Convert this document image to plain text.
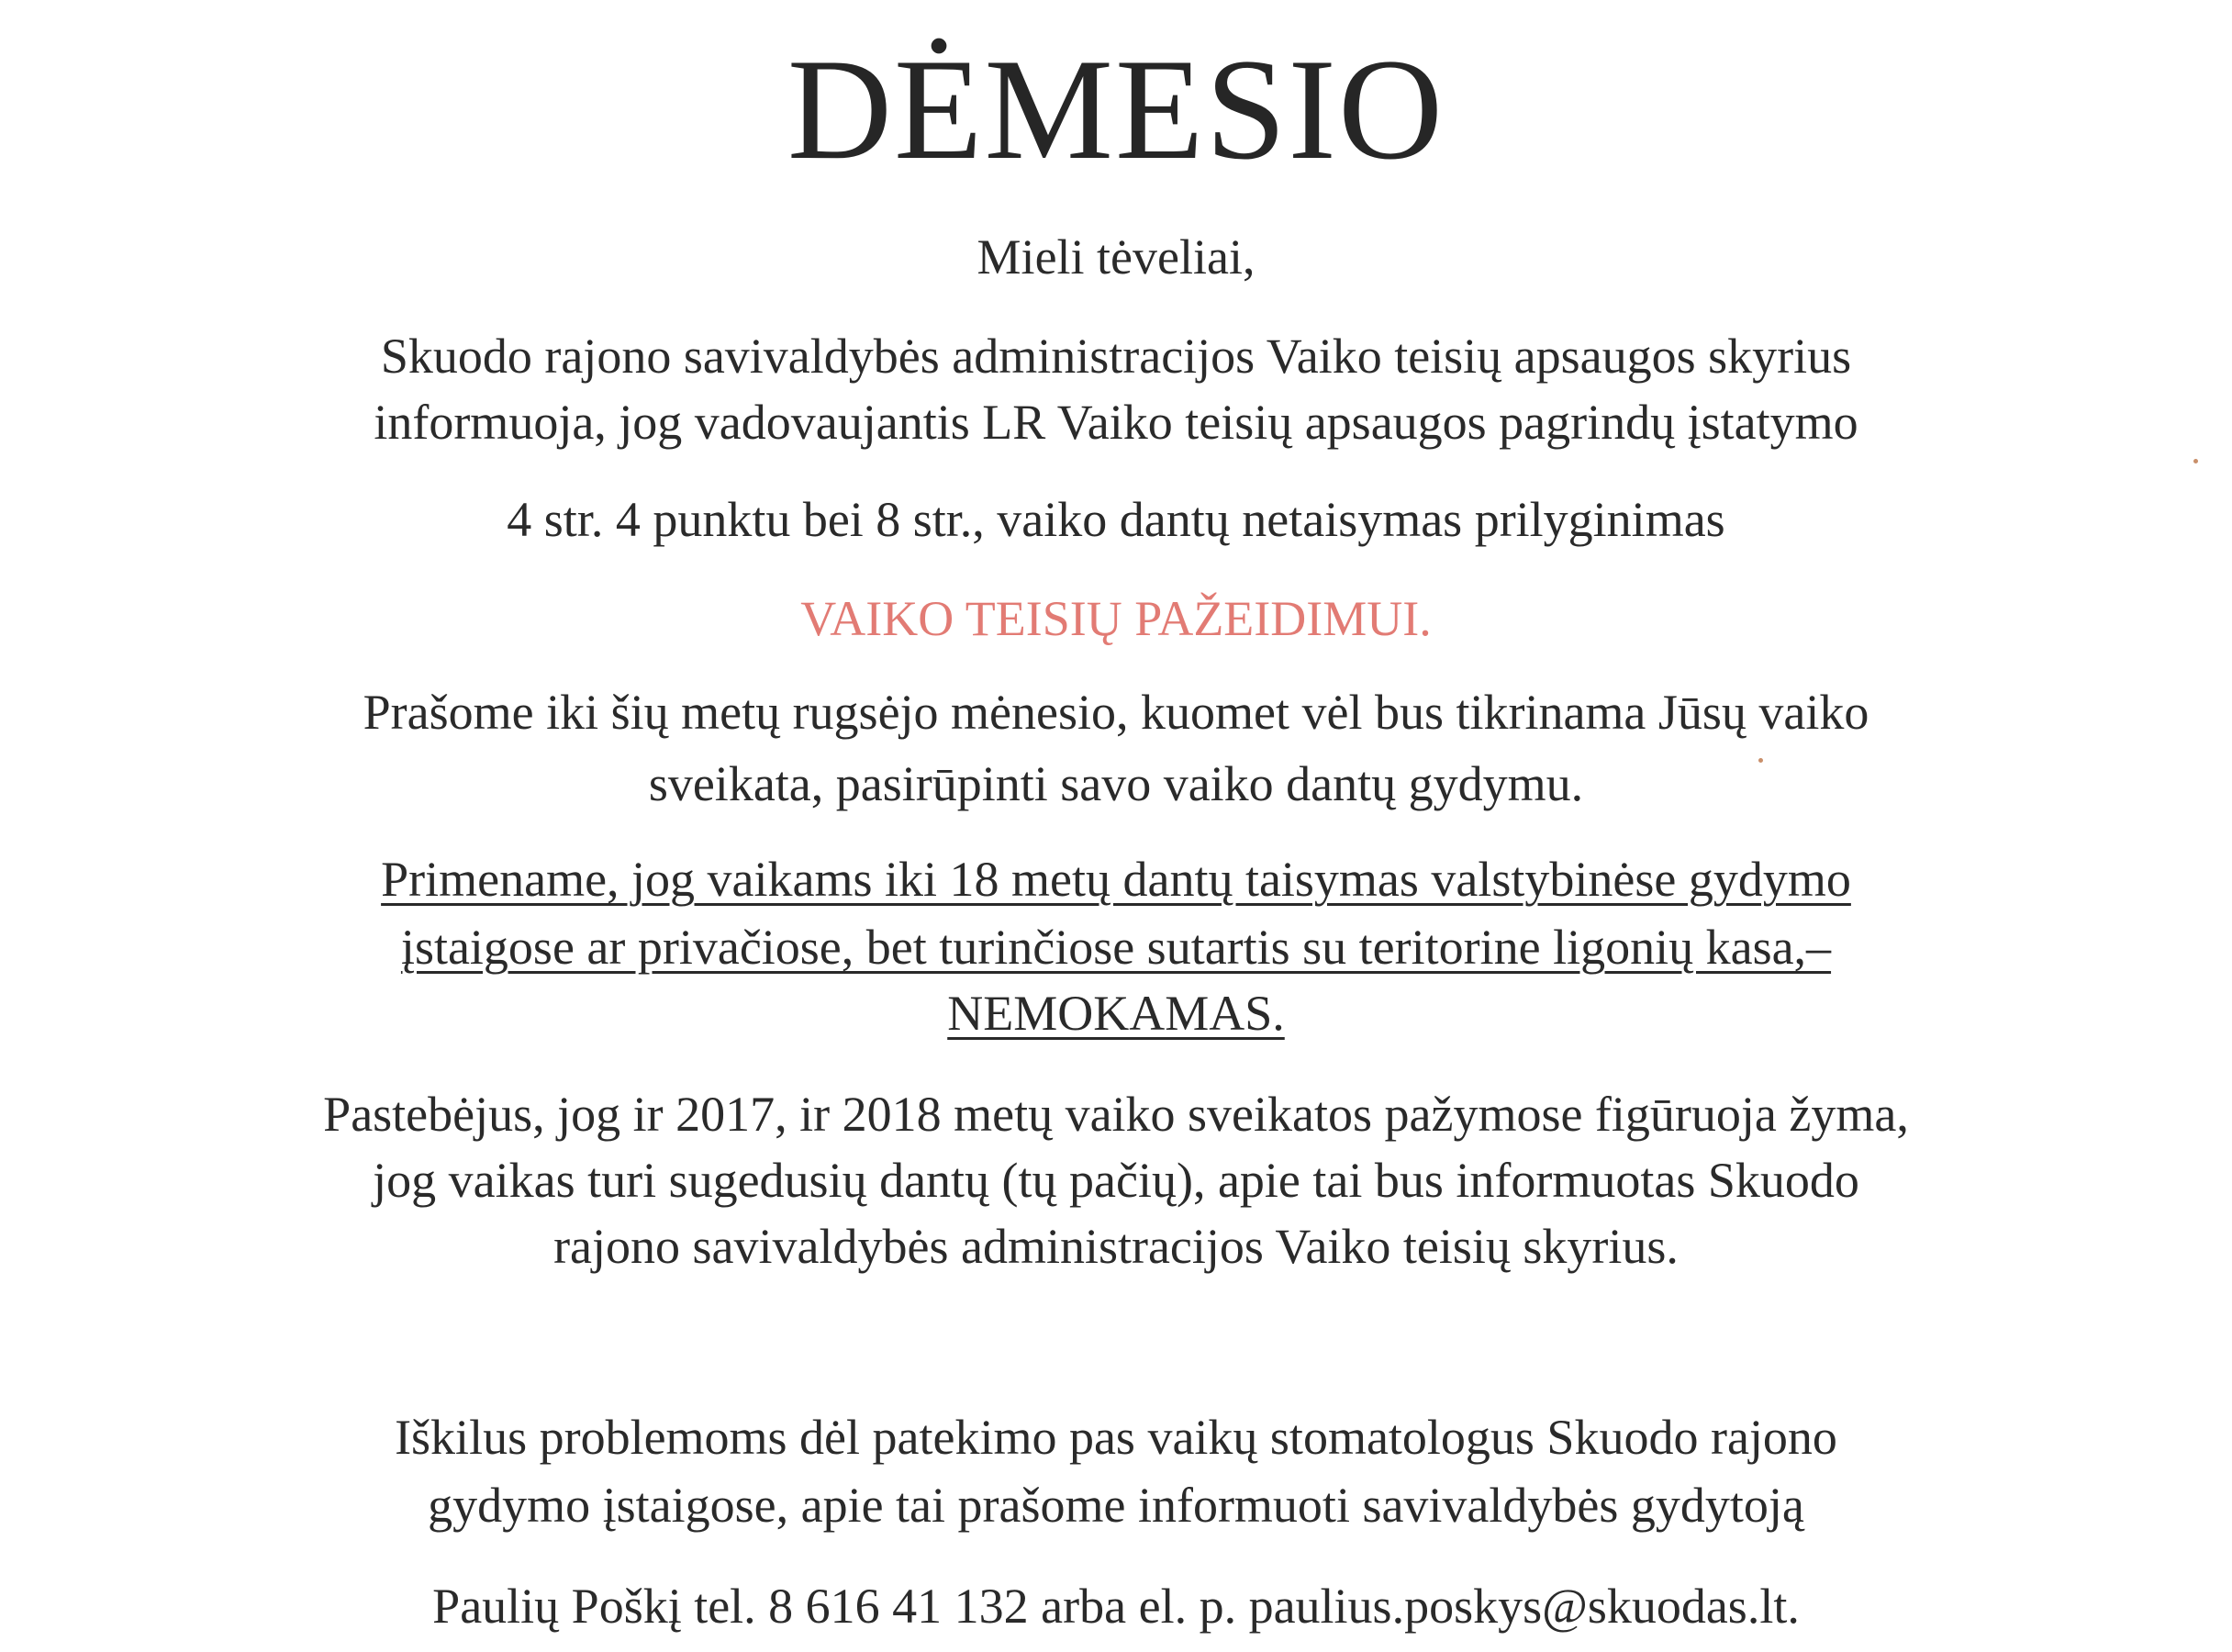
DĖMESIO

Mieli tėveliai,

Skuodo rajono savivaldybės administracijos Vaiko teisių apsaugos skyrius

informuoja, jog vadovaujantis LR Vaiko teisių apsaugos pagrindų įstatymo

4 str. 4 punktu bei 8 str., vaiko dantų netaisymas prilyginimas

VAIKO TEISIŲ PAŽEIDIMUI.

Prašome iki šių metų rugsėjo mėnesio, kuomet vėl bus tikrinama Jūsų vaiko

sveikata, pasirūpinti savo vaiko dantų gydymu.

Primename, jog vaikams iki 18 metų dantų taisymas valstybinėse gydymo

įstaigose ar privačiose, bet turinčiose sutartis su teritorine ligonių kasa,–

NEMOKAMAS.

Pastebėjus, jog ir 2017, ir 2018 metų vaiko sveikatos pažymose figūruoja žyma,

jog vaikas turi sugedusių dantų (tų pačių), apie tai bus informuotas Skuodo

rajono savivaldybės administracijos Vaiko teisių skyrius.

Iškilus problemoms dėl patekimo pas vaikų stomatologus Skuodo rajono

gydymo įstaigose, apie tai prašome informuoti savivaldybės gydytoją

Paulių Poškį tel. 8 616 41 132 arba el. p. paulius.poskys@skuodas.lt.
